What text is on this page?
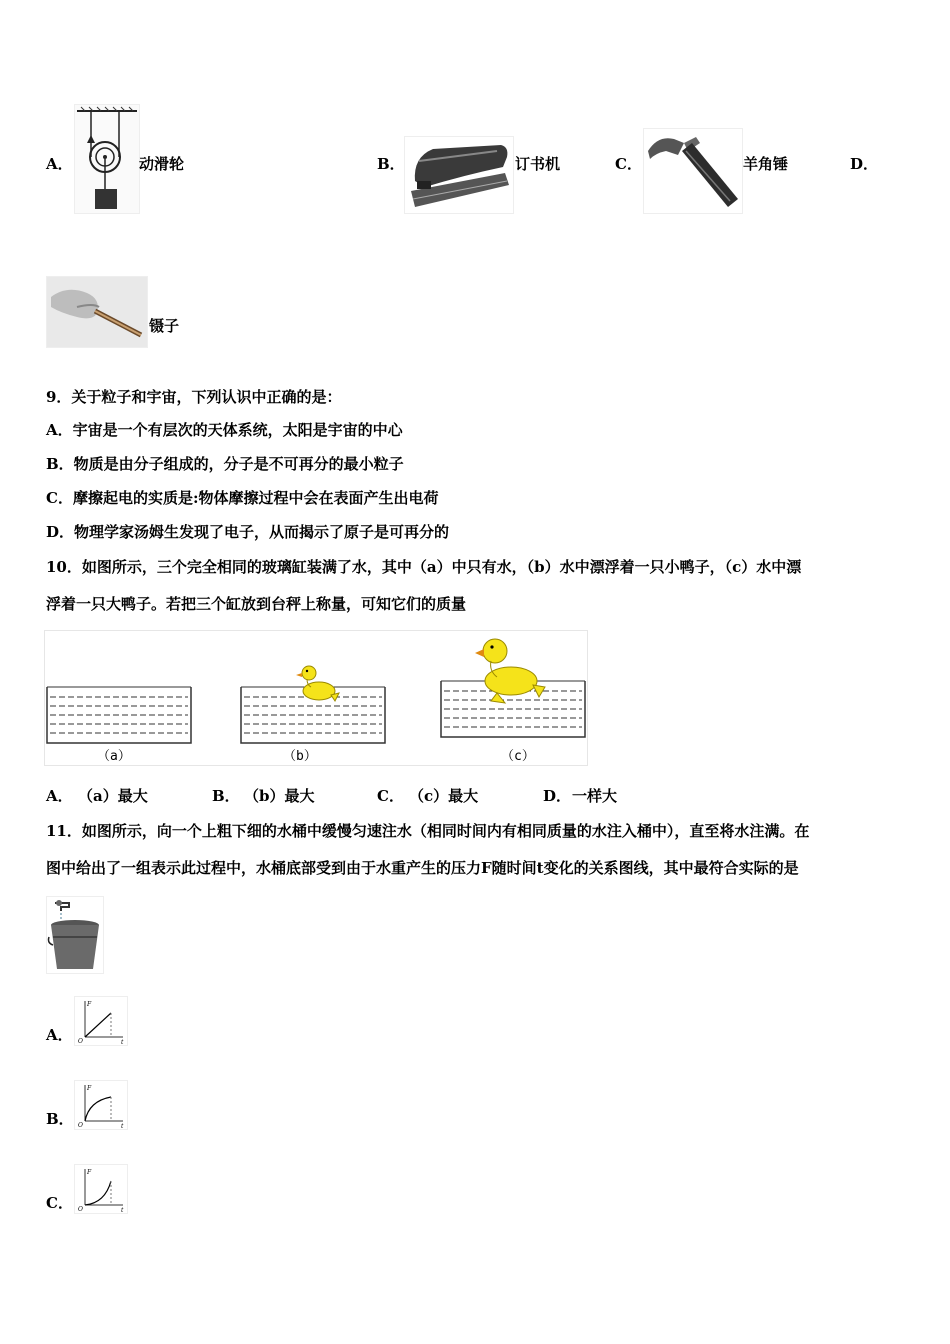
A．	动滑轮	B．	订书机	C．	羊角锤	D．
镊子
9．关于粒子和宇宙，下列认识中正确的是：
A．宇宙是一个有层次的天体系统，太阳是宇宙的中心
B．物质是由分子组成的，分子是不可再分的最小粒子
C．摩擦起电的实质是:物体摩擦过程中会在表面产生出电荷
D．物理学家汤姆生发现了电子，从而揭示了原子是可再分的
10．如图所示，三个完全相同的玻璃缸装满了水，其中（a）中只有水，（b）水中漂浮着一只小鸭子，（c）水中漂
浮着一只大鸭子。若把三个缸放到台秤上称量，可知它们的质量
（a）	（b）	（c）
A． （a）最大	B． （b）最大	C． （c）最大	D． 一样大
11．如图所示，向一个上粗下细的水桶中缓慢匀速注水（相同时间内有相同质量的水注入桶中），直至将水注满。在
图中给出了一组表示此过程中，水桶底部受到由于水重产生的压力F随时间t变化的关系图线，其中最符合实际的是
A．
F
t
O
B．
F
t
O
C．
F
t
O
